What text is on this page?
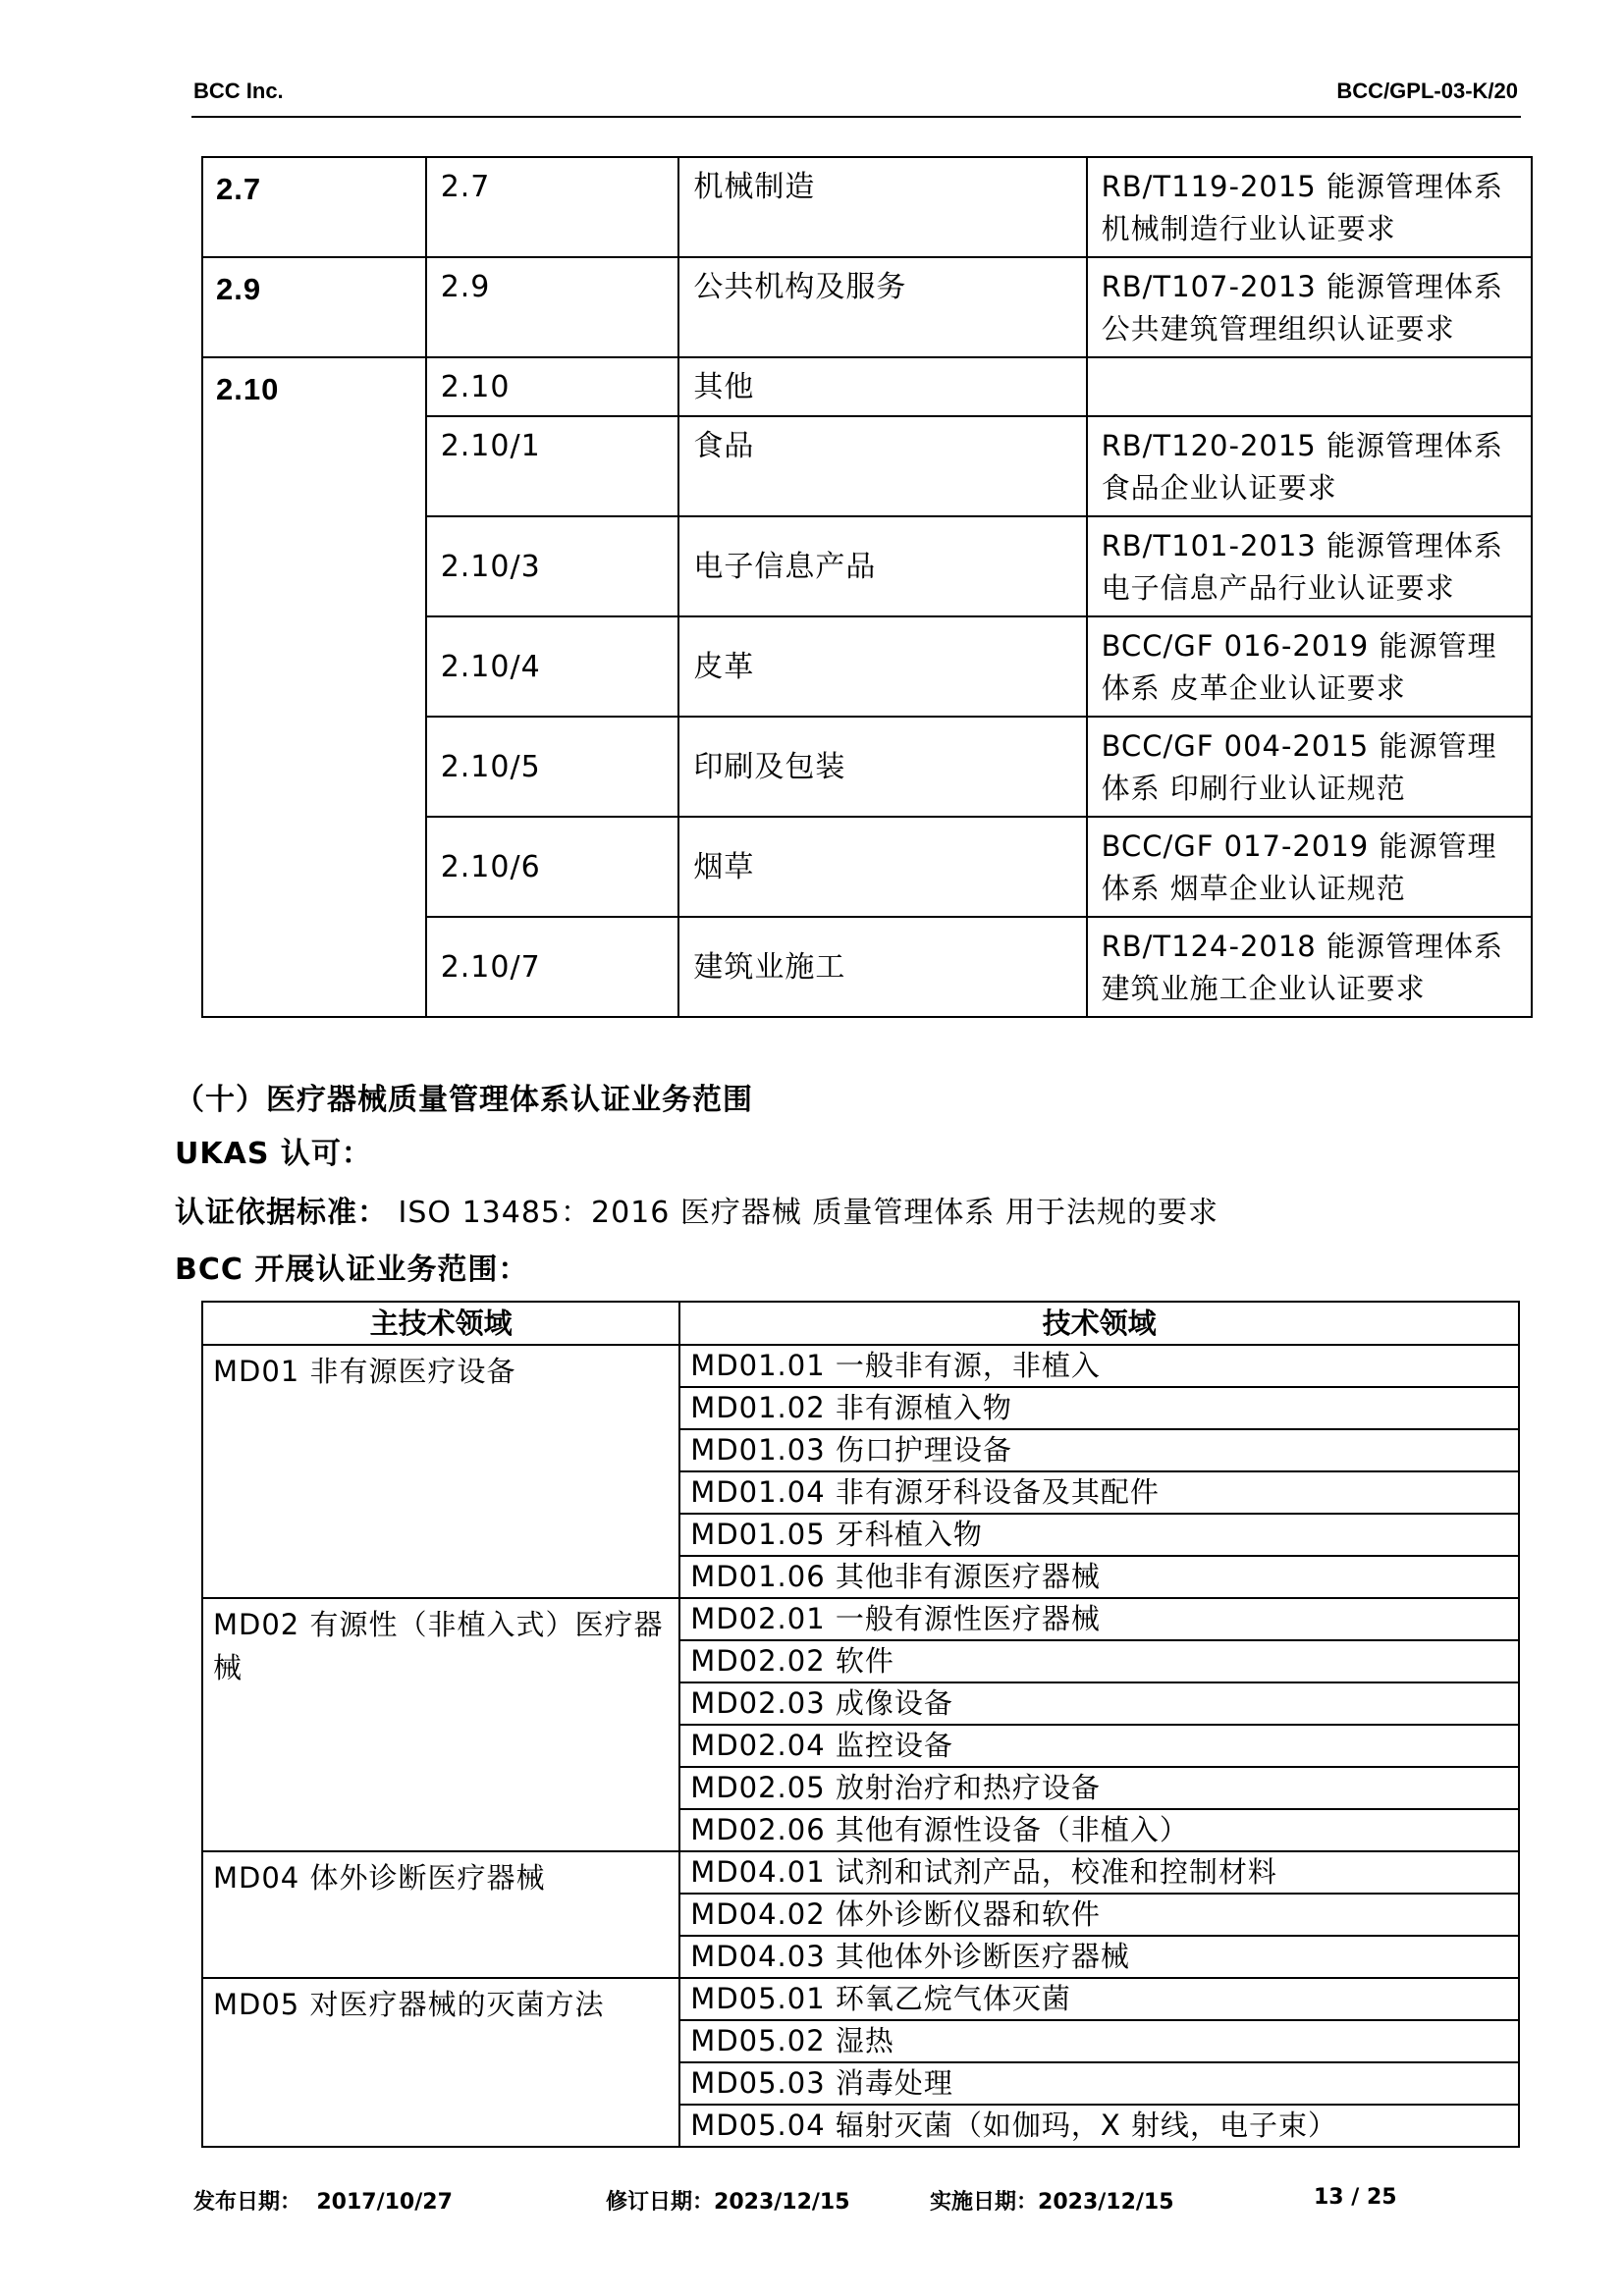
BCC Inc.	BCC/GPL-03-K/20
2.7	2.7	机械制造	RB/T119-2015 能源管理体系 机械制造行业认证要求
2.9	2.9	公共机构及服务	RB/T107-2013 能源管理体系 公共建筑管理组织认证要求
2.10	2.10	其他	
	2.10/1	食品	RB/T120-2015 能源管理体系 食品企业认证要求
	2.10/3	电子信息产品	RB/T101-2013 能源管理体系 电子信息产品行业认证要求
	2.10/4	皮革	BCC/GF 016-2019 能源管理体系 皮革企业认证要求
	2.10/5	印刷及包装	BCC/GF 004-2015 能源管理体系 印刷行业认证规范
	2.10/6	烟草	BCC/GF 017-2019 能源管理体系 烟草企业认证规范
	2.10/7	建筑业施工	RB/T124-2018 能源管理体系 建筑业施工企业认证要求
（十）医疗器械质量管理体系认证业务范围
UKAS 认可：
认证依据标准： ISO 13485：2016 医疗器械 质量管理体系 用于法规的要求
BCC 开展认证业务范围：
主技术领域	技术领域
MD01 非有源医疗设备	MD01.01 一般非有源，非植入
	MD01.02 非有源植入物
	MD01.03 伤口护理设备
	MD01.04 非有源牙科设备及其配件
	MD01.05 牙科植入物
	MD01.06 其他非有源医疗器械
MD02 有源性（非植入式）医疗器械	MD02.01 一般有源性医疗器械
	MD02.02 软件
	MD02.03 成像设备
	MD02.04 监控设备
	MD02.05 放射治疗和热疗设备
	MD02.06 其他有源性设备（非植入）
MD04 体外诊断医疗器械	MD04.01 试剂和试剂产品，校准和控制材料
	MD04.02 体外诊断仪器和软件
	MD04.03 其他体外诊断医疗器械
MD05 对医疗器械的灭菌方法	MD05.01 环氧乙烷气体灭菌
	MD05.02 湿热
	MD05.03 消毒处理
	MD05.04 辐射灭菌（如伽玛，X 射线，电子束）
发布日期： 2017/10/27	修订日期：2023/12/15	实施日期：2023/12/15	13 / 25
